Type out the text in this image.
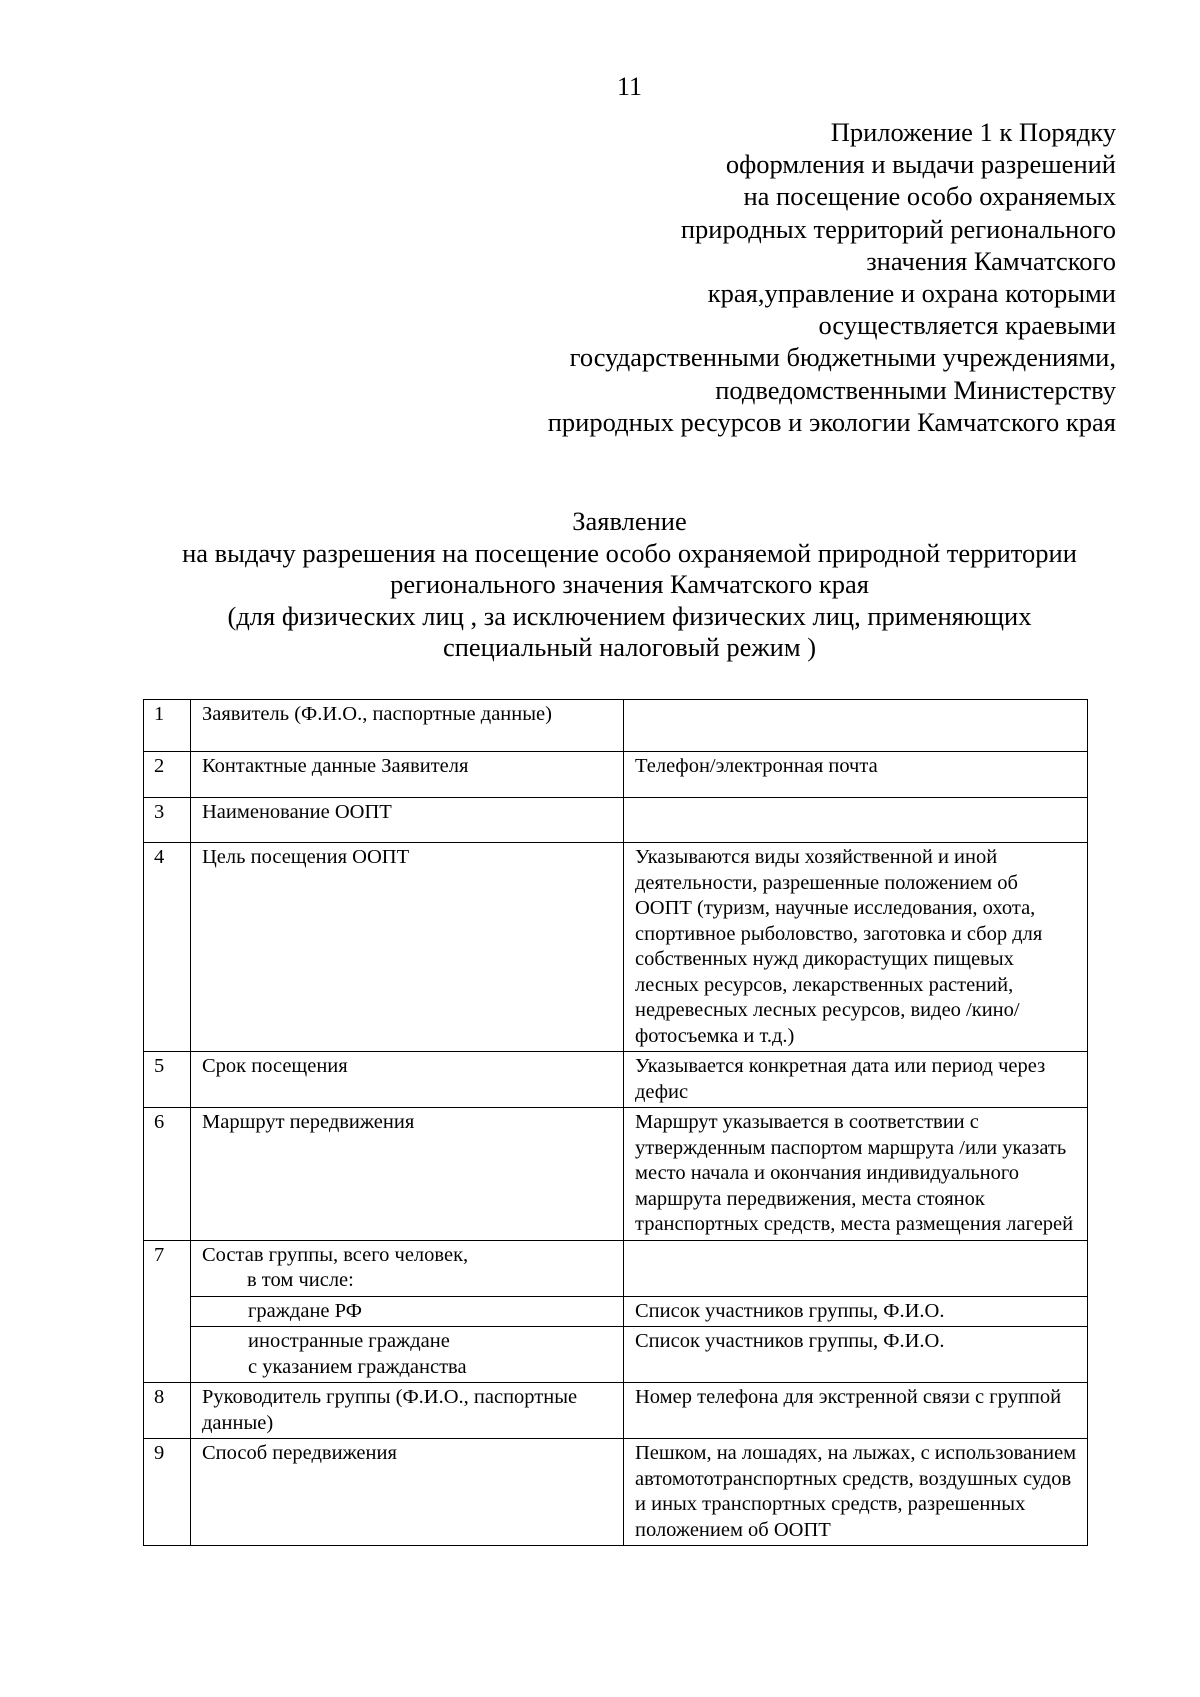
11
Приложение 1 к Порядку
оформления и выдачи разрешений
на посещение особо охраняемых
природных территорий регионального
значения Камчатского
края,управление и охрана которыми
осуществляется краевыми
государственными бюджетными учреждениями,
подведомственными Министерству
природных ресурсов и экологии Камчатского края
Заявление
на выдачу разрешения на посещение особо охраняемой природной территории
регионального значения Камчатского края
(для физических лиц , за исключением физических лиц, применяющих
специальный налоговый режим )
1	Заявитель (Ф.И.О., паспортные данные)	
2	Контактные данные Заявителя	Телефон/электронная почта
3	Наименование ООПТ	
4	Цель посещения ООПТ	Указываются виды хозяйственной и иной деятельности, разрешенные положением об ООПТ (туризм, научные исследования, охота, спортивное рыболовство, заготовка и сбор для собственных нужд дикорастущих пищевых лесных ресурсов, лекарственных растений, недревесных лесных ресурсов, видео /кино/фотосъемка и т.д.)
5	Срок посещения	Указывается конкретная дата или период через дефис
6	Маршрут передвижения	Маршрут указывается в соответствии с утвержденным паспортом маршрута /или указать место начала и окончания индивидуального маршрута передвижения, места стоянок транспортных средств, места размещения лагерей
7	Состав группы, всего человек,
в том числе:	

	граждане РФ	Список участников группы, Ф.И.О.

	иностранные граждане
с указанием гражданства	Список участников группы, Ф.И.О.
8	Руководитель группы (Ф.И.О., паспортные данные)	Номер телефона для экстренной связи с группой
9	Способ передвижения	Пешком, на лошадях, на лыжах, с использованием автомототранспортных средств, воздушных судов и иных транспортных средств, разрешенных положением об ООПТ
